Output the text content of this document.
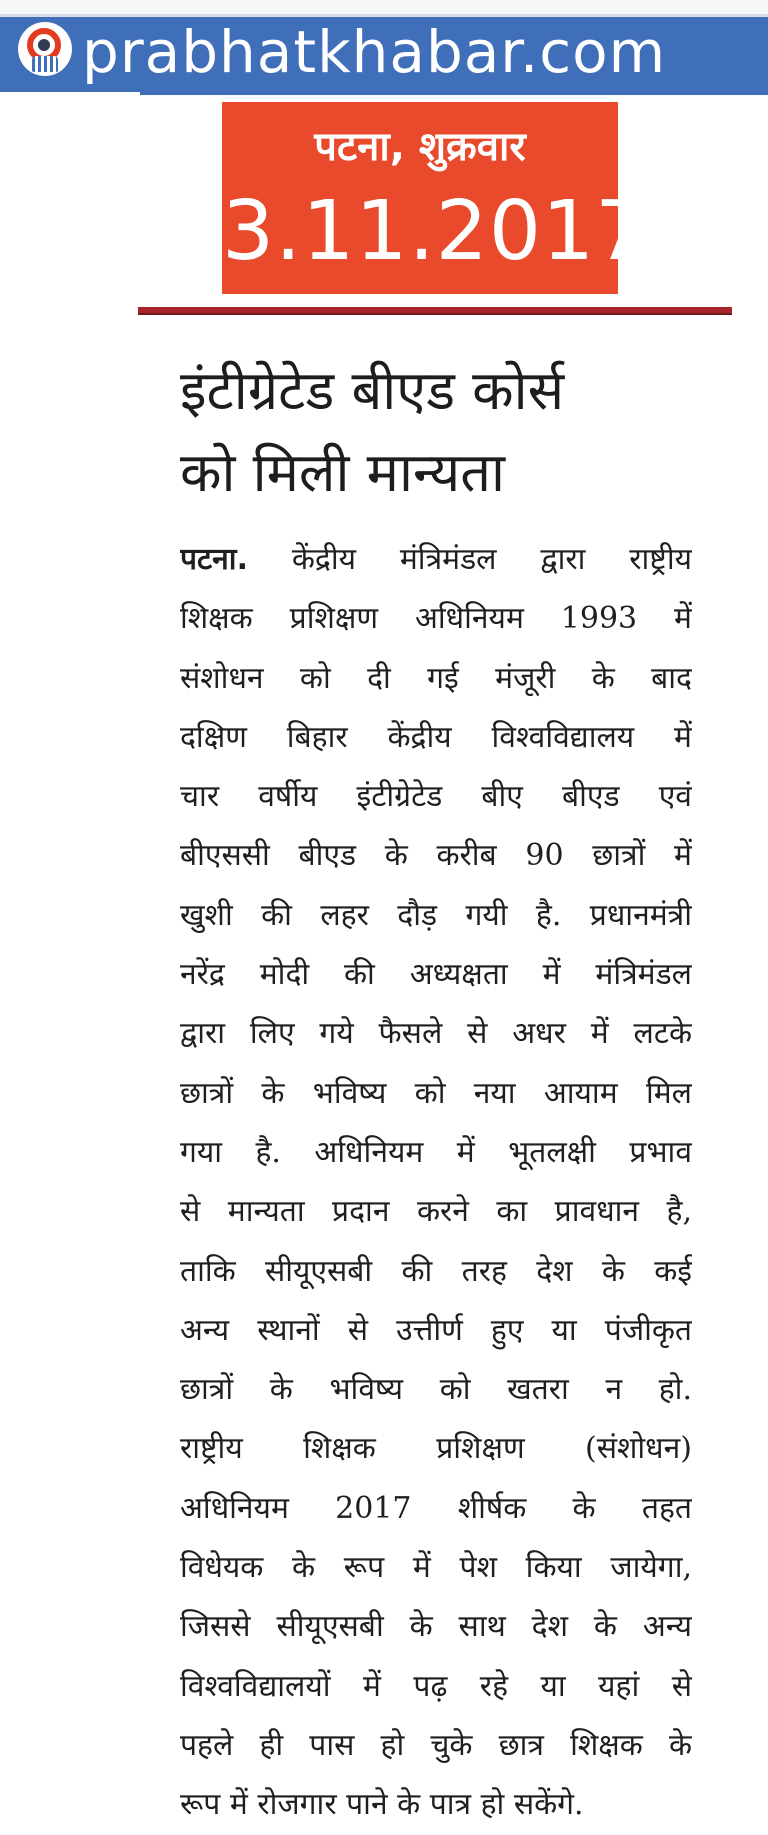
prabhatkhabar.com
पटना, शुक्रवार
3.11.2017
इंटीग्रेटेड बीएड कोर्स
को मिली मान्यता
पटना. केंद्रीय मंत्रिमंडल द्वारा राष्ट्रीय
शिक्षक प्रशिक्षण अधिनियम 1993 में
संशोधन को दी गई मंजूरी के बाद
दक्षिण बिहार केंद्रीय विश्वविद्यालय में
चार वर्षीय इंटीग्रेटेड बीए बीएड एवं
बीएससी बीएड के करीब 90 छात्रों में
खुशी की लहर दौड़ गयी है. प्रधानमंत्री
नरेंद्र मोदी की अध्यक्षता में मंत्रिमंडल
द्वारा लिए गये फैसले से अधर में लटके
छात्रों के भविष्य को नया आयाम मिल
गया है. अधिनियम में भूतलक्षी प्रभाव
से मान्यता प्रदान करने का प्रावधान है,
ताकि सीयूएसबी की तरह देश के कई
अन्य स्थानों से उत्तीर्ण हुए या पंजीकृत
छात्रों के भविष्य को खतरा न हो.
राष्ट्रीय शिक्षक प्रशिक्षण (संशोधन)
अधिनियम 2017 शीर्षक के तहत
विधेयक के रूप में पेश किया जायेगा,
जिससे सीयूएसबी के साथ देश के अन्य
विश्वविद्यालयों में पढ़ रहे या यहां से
पहले ही पास हो चुके छात्र शिक्षक के
रूप में रोजगार पाने के पात्र हो सकेंगे.
